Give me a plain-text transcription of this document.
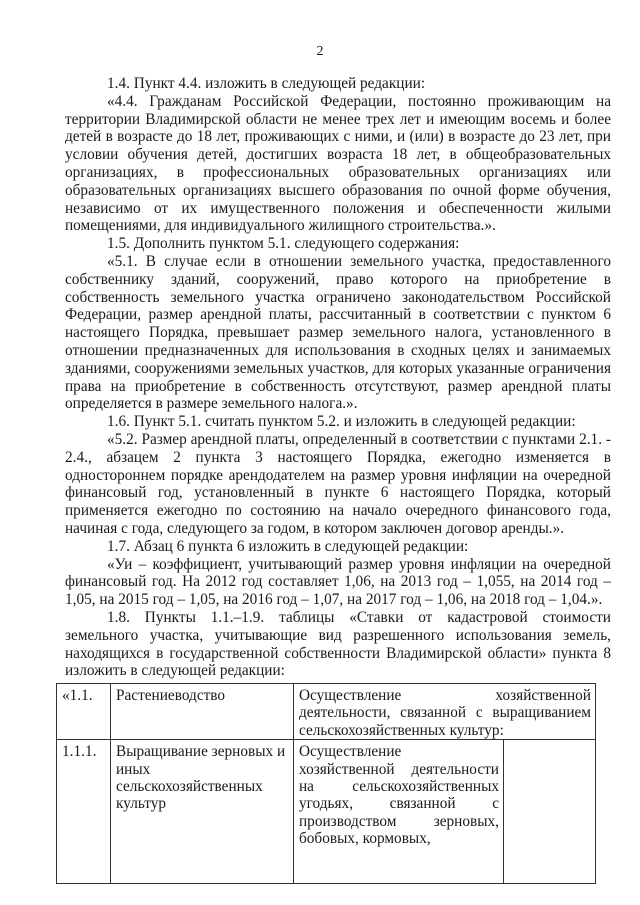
2

1.4. Пункт 4.4. изложить в следующей редакции:

«4.4. Гражданам Российской Федерации, постоянно проживающим на территории Владимирской области не менее трех лет и имеющим восемь и более детей в возрасте до 18 лет, проживающих с ними, и (или) в возрасте до 23 лет, при условии обучения детей, достигших возраста 18 лет, в общеобразовательных организациях, в профессиональных образовательных организациях или образовательных организациях высшего образования по очной форме обучения, независимо от их имущественного положения и обеспеченности жилыми помещениями, для индивидуального жилищного строительства.».

1.5. Дополнить пунктом 5.1. следующего содержания:

«5.1. В случае если в отношении земельного участка, предоставленного собственнику зданий, сооружений, право которого на приобретение в собственность земельного участка ограничено законодательством Российской Федерации, размер арендной платы, рассчитанный в соответствии с пунктом 6 настоящего Порядка, превышает размер земельного налога, установленного в отношении предназначенных для использования в сходных целях и занимаемых зданиями, сооружениями земельных участков, для которых указанные ограничения права на приобретение в собственность отсутствуют, размер арендной платы определяется в размере земельного налога.».

1.6. Пункт 5.1. считать пунктом 5.2. и изложить в следующей редакции:

«5.2. Размер арендной платы, определенный в соответствии с пунктами 2.1. - 2.4., абзацем 2 пункта 3 настоящего Порядка, ежегодно изменяется в одностороннем порядке арендодателем на размер уровня инфляции на очередной финансовый год, установленный в пункте 6 настоящего Порядка, который применяется ежегодно по состоянию на начало очередного финансового года, начиная с года, следующего за годом, в котором заключен договор аренды.».

1.7. Абзац 6 пункта 6 изложить в следующей редакции:

«Уи – коэффициент, учитывающий размер уровня инфляции на очередной финансовый год. На 2012 год составляет 1,06, на 2013 год – 1,055, на 2014 год – 1,05, на 2015 год – 1,05, на 2016 год – 1,07, на 2017 год – 1,06, на 2018 год – 1,04.».

1.8. Пункты 1.1.–1.9. таблицы «Ставки от кадастровой стоимости земельного участка, учитывающие вид разрешенного использования земель, находящихся в государственной собственности Владимирской области» пункта 8 изложить в следующей редакции:

«1.1.	Растениеводство	Осуществление хозяйственной деятельности, связанной с выращиванием сельскохозяйственных культур:	
1.1.1.	Выращивание зерновых и иных сельскохозяйственных культур	Осуществление хозяйственной деятельности на сельскохозяйственных угодьях, связанной с производством зерновых, бобовых, кормовых,	
